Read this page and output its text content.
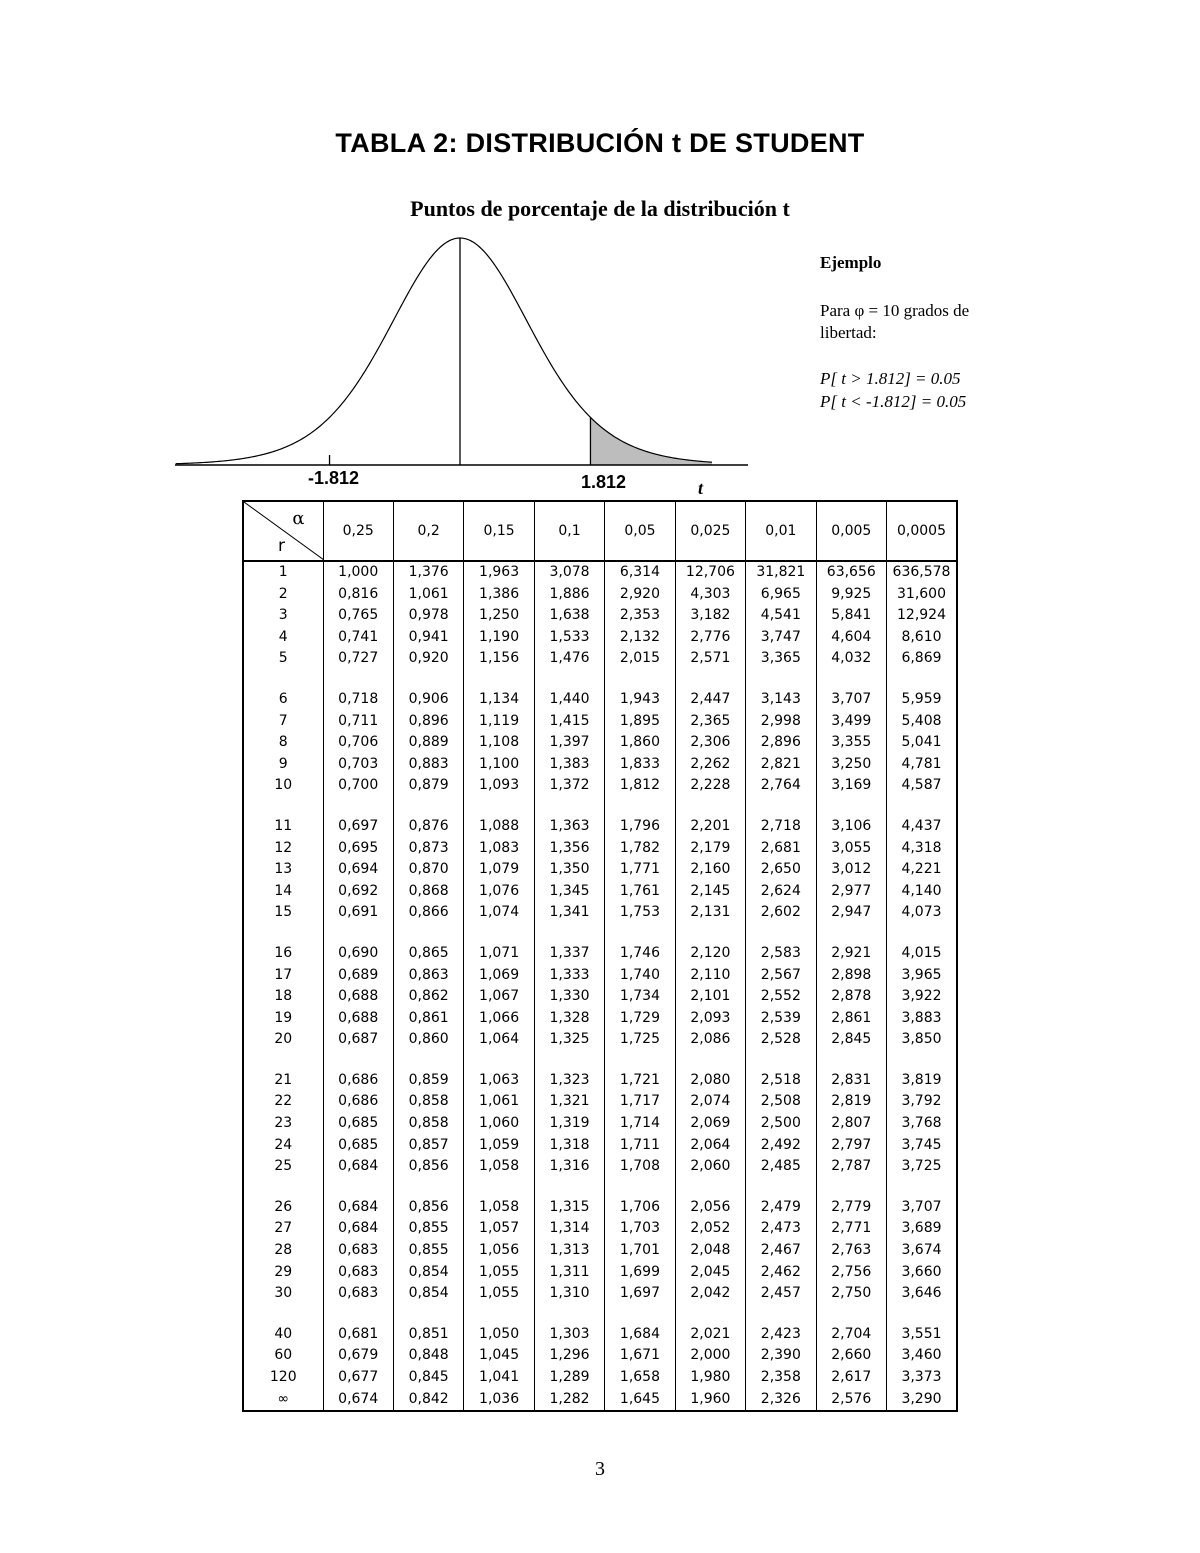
TABLA 2: DISTRIBUCIÓN t DE STUDENT
Puntos de porcentaje de la distribución t
-1.812	1.812	t
Ejemplo
Para φ = 10 grados de
libertad:
P[ t > 1.812] = 0.05
P[ t < -1.812] = 0.05
α
r	0,25	0,2	0,15	0,1	0,05	0,025	0,01	0,005	0,0005
1	1,000	1,376	1,963	3,078	6,314	12,706	31,821	63,656	636,578
2	0,816	1,061	1,386	1,886	2,920	4,303	6,965	9,925	31,600
3	0,765	0,978	1,250	1,638	2,353	3,182	4,541	5,841	12,924
4	0,741	0,941	1,190	1,533	2,132	2,776	3,747	4,604	8,610
5	0,727	0,920	1,156	1,476	2,015	2,571	3,365	4,032	6,869

6	0,718	0,906	1,134	1,440	1,943	2,447	3,143	3,707	5,959
7	0,711	0,896	1,119	1,415	1,895	2,365	2,998	3,499	5,408
8	0,706	0,889	1,108	1,397	1,860	2,306	2,896	3,355	5,041
9	0,703	0,883	1,100	1,383	1,833	2,262	2,821	3,250	4,781
10	0,700	0,879	1,093	1,372	1,812	2,228	2,764	3,169	4,587

11	0,697	0,876	1,088	1,363	1,796	2,201	2,718	3,106	4,437
12	0,695	0,873	1,083	1,356	1,782	2,179	2,681	3,055	4,318
13	0,694	0,870	1,079	1,350	1,771	2,160	2,650	3,012	4,221
14	0,692	0,868	1,076	1,345	1,761	2,145	2,624	2,977	4,140
15	0,691	0,866	1,074	1,341	1,753	2,131	2,602	2,947	4,073

16	0,690	0,865	1,071	1,337	1,746	2,120	2,583	2,921	4,015
17	0,689	0,863	1,069	1,333	1,740	2,110	2,567	2,898	3,965
18	0,688	0,862	1,067	1,330	1,734	2,101	2,552	2,878	3,922
19	0,688	0,861	1,066	1,328	1,729	2,093	2,539	2,861	3,883
20	0,687	0,860	1,064	1,325	1,725	2,086	2,528	2,845	3,850

21	0,686	0,859	1,063	1,323	1,721	2,080	2,518	2,831	3,819
22	0,686	0,858	1,061	1,321	1,717	2,074	2,508	2,819	3,792
23	0,685	0,858	1,060	1,319	1,714	2,069	2,500	2,807	3,768
24	0,685	0,857	1,059	1,318	1,711	2,064	2,492	2,797	3,745
25	0,684	0,856	1,058	1,316	1,708	2,060	2,485	2,787	3,725

26	0,684	0,856	1,058	1,315	1,706	2,056	2,479	2,779	3,707
27	0,684	0,855	1,057	1,314	1,703	2,052	2,473	2,771	3,689
28	0,683	0,855	1,056	1,313	1,701	2,048	2,467	2,763	3,674
29	0,683	0,854	1,055	1,311	1,699	2,045	2,462	2,756	3,660
30	0,683	0,854	1,055	1,310	1,697	2,042	2,457	2,750	3,646

40	0,681	0,851	1,050	1,303	1,684	2,021	2,423	2,704	3,551
60	0,679	0,848	1,045	1,296	1,671	2,000	2,390	2,660	3,460
120	0,677	0,845	1,041	1,289	1,658	1,980	2,358	2,617	3,373
∞	0,674	0,842	1,036	1,282	1,645	1,960	2,326	2,576	3,290
3
